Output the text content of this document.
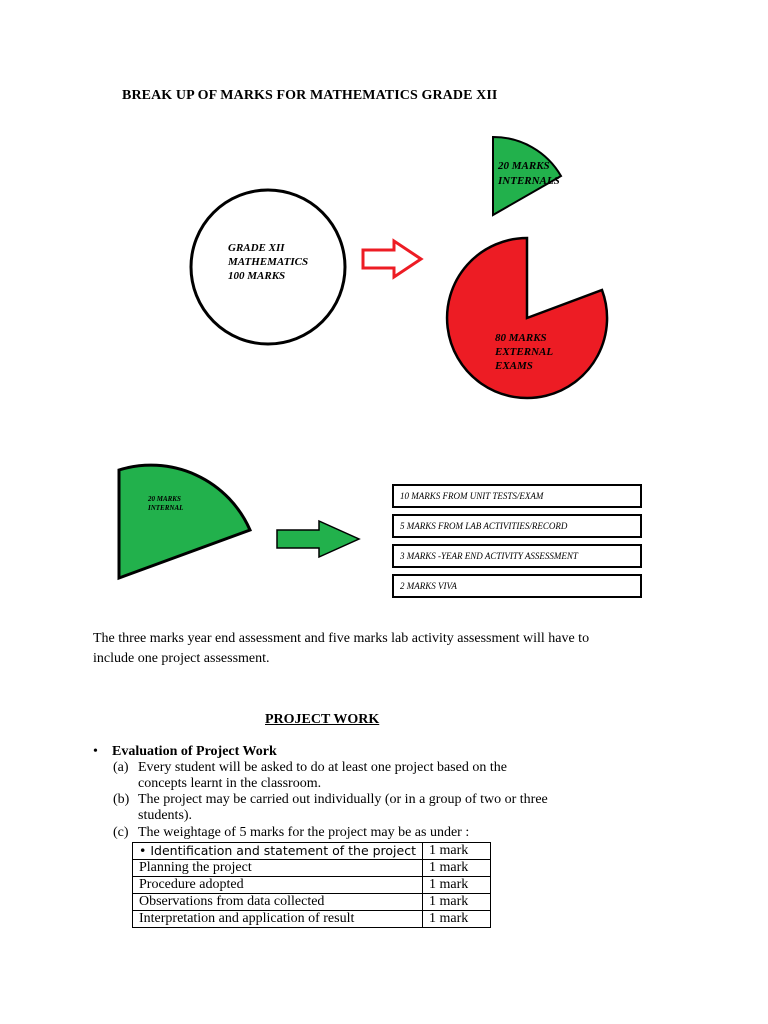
BREAK UP OF MARKS FOR MATHEMATICS GRADE XII
GRADE XII
MATHEMATICS
100 MARKS
20 MARKS
INTERNALS
80 MARKS
EXTERNAL
EXAMS
20 MARKS
INTERNAL
10 MARKS FROM UNIT TESTS/EXAM
5 MARKS FROM LAB ACTIVITIES/RECORD
3 MARKS -YEAR END ACTIVITY ASSESSMENT
2 MARKS VIVA
The three marks year end assessment and five marks lab activity assessment will have to include one project assessment.
PROJECT WORK
• Evaluation of Project Work
(a) Every student will be asked to do at least one project based on the concepts learnt in the classroom.
(b) The project may be carried out individually (or in a group of two or three students).
(c) The weightage of 5 marks for the project may be as under :
• Identification and statement of the project	1 mark
Planning the project	1 mark
Procedure adopted	1 mark
Observations from data collected	1 mark
Interpretation and application of result	1 mark
